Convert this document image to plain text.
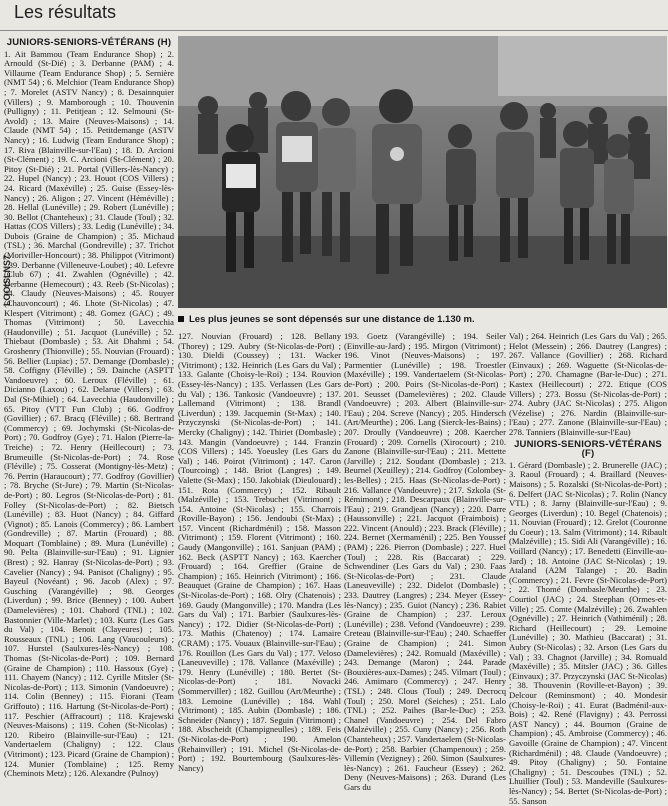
Les résultats
LOOISLNS7
JUNIORS-SENIORS-VÉTÉRANS (H)

1. Ait Bammou (Team Endurance Shop) ; 2. Arnould (St-Dié) ; 3. Derbanne (PAM) ; 4. Villaume (Team Endurance Shop) ; 5. Sernière (NMT 54) ; 6. Melchior (Team Endurance Shop) ; 7. Morelet (ASTV Nancy) ; 8. Desainnquier (Villers) ; 9. Mamborough ; 10. Thouvenin (Pulligny) ; 11. Petitjean ; 12. Selmouni (St-Avold) ; 13. Maire (Neuves-Maisons) ; 14. Claude (NMT 54) ; 15. Petitdemange (ASTV Nancy) ; 16. Ludwig (Team Endurance Shop) ; 17. Riva (Blainville-sur-l'Eau) ; 18. D. Arcioni (St-Clément) ; 19. C. Arcioni (St-Clément) ; 20. Pitoy (St-Dié) ; 21. Portal (Villers-lès-Nancy) ; 22. Hupel (Nancy) ; 23. Houot (COS Villers) ; 24. Ricard (Maxéville) ; 25. Guise (Essey-lès-Nancy) ; 26. Aligon ; 27. Vincent (Héméville) ; 28. Hellal (Lunéville) ; 29. Robert (Lunéville) ; 30. Bellot (Chanteheux) ; 31. Claude (Toul) ; 32. Hattas (COS Villers) ; 33. Ledig (Lunéville) ; 34. Dubois (Graine de Champion) ; 35. Michaud (TSL) ; 36. Marchal (Gondreville) ; 37. Trichot (Moriviller-Honcourt) ; 38. Philippot (Vitrimont) ; 39. Derbanne (Villeneuve-Loubet) ; 40. Lefevre (Club 67) ; 41. Zwahlen (Ognéville) ; 42. Derbanne (Hemecourt) ; 43. Reeb (St-Nicolas) ; 44. Claudy (Neuves-Maisons) ; 45. Rouyer (Chauvoncourt) ; 46. Lhote (St-Nicolas) ; 47. Klespert (Vitrimont) ; 48. Gomez (GAC) ; 49. Thomas (Vitrimont) ; 50. Lavecchia (Haudonville) ; 51. Jacquot (Lunéville) ; 52. Thiebaut (Dombasle) ; 53. Ait Dhahmi ; 54. Groshenry (Thionville) ; 55. Nouvian (Frouard) ; 56. Bellier (Lupiac) ; 57. Demange (Dombasle) ; 58. Coffigny (Fléville) ; 59. Dainche (ASPTT Vandoeuvre) ; 60. Leroux (Fléville) ; 61. Dicianno (Laxou) ; 62. Delarue (Villers) ; 63. Dal (St-Mihiel) ; 64. Lavecchia (Haudonville) ; 65. Pitoy (VTT Fun Club) ; 66. Godfroy (Govillier) ; 67. Bracq (Fléville) ; 68. Bertrand (Commercy) ; 69. Jochymski (St-Nicolas-de-Port) ; 70. Godfroy (Gye) ; 71. Halon (Pierre-la-Treiche) ; 72. Henry (Heillecourt) ; 73. Brumeuille (St-Nicolas-de-Port) ; 74. Rose (Fléville) ; 75. Cosserat (Montigny-lès-Metz) ; 76. Perrin (Haraucourt) ; 77. Godfroy (Govillier) ; 78. Bryche (St-Jure) ; 79. Martin (St-Nicolas-de-Port) ; 80. Legros (St-Nicolas-de-Port) ; 81. Folley (St-Nicolas-de-Port) ; 82. Bietsch (Lunéville) ; 83. Huot (Nancy) ; 84. Giffard (Vignot) ; 85. Lanois (Commercy) ; 86. Lambert (Gondreville) ; 87. Martin (Frouard) ; 88. Moquart (Tomblaine) ; 89. Mura (Lunéville) ; 90. Pelta (Blainville-sur-l'Eau) ; 91. Lignier (Brest) ; 92. Hanray (St-Nicolas-de-Port) ; 93. Cavelier (Nancy) ; 94. Panisot (Chaligny) ; 95. Bayeul (Novéant) ; 96. Jacob (Alex) ; 97. Gusching (Varangéville) ; 98. Georges (Liverdun) ; 99. Brice (Benney) ; 100. Aubert (Damelevières) ; 101. Chabord (TNL) ; 102. Bastonnier (Ville-Marlet) ; 103. Kurtz (Les Gars du Val) ; 104. Benoit (Clayeures) ; 105. Rousseaux (TNL) ; 106. Lang (Vaucouleurs) ; 107. Hurstel (Saulxures-lès-Nancy) ; 108. Thomas (St-Nicolas-de-Port) ; 109. Bernard (Graine de Champion) ; 110. Hassoux (Gye) ; 111. Chayem (Nancy) ; 112. Cyrille Mitsler (St-Nicolas-de-Port) ; 113. Simonin (Vandoeuvre) ; 114. Colin (Benney) ; 115. Fiorani (Team Griffouto) ; 116. Hartung (St-Nicolas-de-Port) ; 117. Peschier (Affracourt) ; 118. Krajewski (Neuves-Maisons) ; 119. Cohen (St-Nicolas) ; 120. Ribeiro (Blainville-sur-l'Eau) ; 121. Vandertaelem (Chaligny) ; 122. Claus (Vitrimont) ; 123. Picard (Graine de Champion) ; 124. Munier (Tomblaine) ; 125. Remy (Cheminots Metz) ; 126. Alexandre (Pulnoy)

Les plus jeunes se sont dépensés sur une distance de 1.130 m.

127. Nouvian (Frouard) ; 128. Bellany (Thorey) ; 129. Aubry (St-Nicolas-de-Port) ; 130. Dieldi (Coussey) ; 131. Wacker (Vitrimont) ; 132. Heinrich (Les Gars du Val) ; 133. Galante (Choisy-le-Roi) ; 134. Rouvion (Essey-lès-Nancy) ; 135. Verlassen (Les Gars du Val) ; 136. Tankosic (Vandoeuvre) ; 137. Lallemand (Vitrimont) ; 138. Brandl (Liverdun) ; 139. Jacquemin (St-Max) ; 140. Przyczynski (St-Nicolas-de-Port) ; 141. Mercky (Chaligny) ; 142. Thiriet (Dombasle) ; 143. Mangin (Vandoeuvre) ; 144. Franzin (COS Villers) ; 145. Yoeusley (Les Gars du Val) ; 146. Poirot (Vitrimont) ; 147. Caron (Tourcoing) ; 148. Briot (Langres) ; 149. Valette (St-Max) ; 150. Jakobiak (Dieulouard) ; 151. Rota (Commercy) ; 152. Ribault (Malzéville) ; 153. Trebuchet (Vitrimont) ; 154. Antoine (St-Nicolas) ; 155. Charrois (Roville-Bayon) ; 156. Jendoubi (St-Max) ; 157. Vincent (Richardménil) ; 158. Masson (Vitrimont) ; 159. Florent (Vitrimont) ; 160. Gaudy (Mangonville) ; 161. Sanjuan (PAM) ; 162. Beck (ASPTT Nancy) ; 163. Kaercher (Frouard) ; 164. Greffier (Graine de Champion) ; 165. Heinrich (Vitrimont) ; 166. Beauquet (Graine de Champion) ; 167. Haas (St-Nicolas-de-Port) ; 168. Olry (Chatenois) ; 169. Gaudy (Mangonville) ; 170. Mandra (Les Gars du Val) ; 171. Barbier (Saulxures-lès-Nancy) ; 172. Didier (St-Nicolas-de-Port) ; 173. Mathis (Chatenoy) ; 174. Lamaire (CRAM) ; 175. Vouaux (Blainville-sur-l'Eau) ; 176. Rouillon (Les Gars du Val) ; 177. Veloso (Laneuveville) ; 178. Vallance (Maxéville) ; 179. Henry (Lunéville) ; 180. Bertet (St-Nicolas-de-Port) ; 181. Novacki (Sommerviller) ; 182. Guillou (Art/Meurthe) ; 183. Lemoine (Lunéville) ; 184. Wahl (Vitrimont) ; 185. Aubin (Dombasle) ; 186. Schneider (Nancy) ; 187. Seguin (Vitrimont) ; 188. Abscheidt (Champigneulles) ; 189. Feis (St-Nicolas-de-Port) ; 190. Amelon (Rehainviller) ; 191. Michel (St-Nicolas-de-Port) ; 192. Bourtembourg (Saulxures-lès-Nancy)

193. Goetz (Varangéville) ; 194. Seiler (Einville-au-Jard) ; 195. Mirgon (Vitrimont) ; 196. Vinot (Neuves-Maisons) ; 197. Parmentier (Lunéville) ; 198. Troestler (Maxéville) ; 199. Vandertaelem (St-Nicolas-de-Port) ; 200. Poirs (St-Nicolas-de-Port) ; 201. Seusset (Damelevières) ; 202. Claude (Vandoeuvre) ; 203. Albert (Blainville-sur-l'Eau) ; 204. Screve (Nancy) ; 205. Hindersch (Art/Meurthe) ; 206. Lang (Sierck-les-Bains) ; 207. Droully (Vandoeuvre) ; 208. Kaercher (Frouard) ; 209. Cornells (Xirocourt) ; 210. Zanone (Blainville-sur-l'Eau) ; 211. Mettette (Jarville) ; 212. Soudant (Dombasle) ; 213. Beurnel (Xeuilley) ; 214. Godfroy (Colombey-les-Belles) ; 215. Haas (St-Nicolas-de-Port) ; 216. Vallance (Vandoeuvre) ; 217. Szkola (St-Rémimont) ; 218. Descarpaux (Blainville-sur-l'Eau) ; 219. Grandjean (Nancy) ; 220. Darre (Haussonville) ; 221. Jacquot (Fraimbois) ; 222. Vincent (Anould) ; 223. Brack (Fléville) ; 224. Bernet (Xermaménil) ; 225. Ben Youssef (PAM) ; 226. Pierron (Dombasle) ; 227. Huel (Toul) ; 228. Ris (Baccarat) ; 229. Schwendiner (Les Gars du Val) ; 230. Faas (St-Nicolas-de-Port) ; 231. Claude (Laneuveville) ; 232. Didelot (Dombasle) ; 233. Dautrey (Langres) ; 234. Meyer (Essey-lès-Nancy) ; 235. Guiot (Nancy) ; 236. Rabiet (Graine de Champion) ; 237. Leroux (Lunéville) ; 238. Vefond (Vandoeuvre) ; 239. Creteau (Blainville-sur-l'Eau) ; 240. Schaeffer (Graine de Champion) ; 241. Simon (Damelevières) ; 242. Romuald (Maxéville) ; 243. Demange (Maron) ; 244. Parade (Bouxières-aux-Dames) ; 245. Vilmart (Toul) ; 246. Amimaro (Commercy) ; 247. Henry (TSL) ; 248. Clous (Toul) ; 249. Decrocq (Toul) ; 250. Morel (Seiches) ; 251. Lalo (TNL) ; 252. Paihes (Bar-le-Duc) ; 253. Chanel (Vandoeuvre) ; 254. Del Fabro (Malzéville) ; 255. Cuny (Nancy) ; 256. Roth (Chanteheux) ; 257. Vandertaelem (St-Nicolas-de-Port) ; 258. Barbier (Champenoux) ; 259. Villemin (Vezigney) ; 260. Simon (Saulxures-lès-Nancy) ; 261. Faucheur (Essey) ; 262. Deny (Neuves-Maisons) ; 263. Durand (Les Gars du

Val) ; 264. Heinrich (Les Gars du Val) ; 265. Helot (Messein) ; 266. Dautrey (Langres) ; 267. Vallance (Govillier) ; 268. Richard (Einvaux) ; 269. Waguette (St-Nicolas-de-Port) ; 270. Chamagne (Bar-le-Duc) ; 271. Kastex (Heillecourt) ; 272. Etique (COS Villers) ; 273. Bossu (St-Nicolas-de-Port) ; 274. Aubry (JAC St-Nicolas) ; 275. Aligon (Vézelise) ; 276. Nardin (Blainville-sur-l'Eau) ; 277. Zanone (Blainville-sur-l'Eau) ; 278. Tanniers (Blainville-sur-l'Eau)

JUNIORS-SENIORS-VÉTÉRANS (F)

1. Gérard (Dombasle) ; 2. Brunerelle (JAC) ; 3. Raoul (Frouard) ; 4. Braillard (Neuves-Maisons) ; 5. Rozalski (St-Nicolas-de-Port) ; 6. Delfert (JAC St-Nicolas) ; 7. Rolin (Nancy VTL) ; 8. Jarny (Blainville-sur-l'Eau) ; 9. Georges (Liverdun) ; 10. Begel (Chatenois) ; 11. Nouvian (Frouard) ; 12. Grelot (Couronne du Coeur) ; 13. Salm (Vitrimont) ; 14. Ribault (Malzéville) ; 15. Sidi Ali (Varangéville) ; 16. Voillard (Nancy) ; 17. Benedetti (Einville-au-Jard) ; 18. Antoine (JAC St-Nicolas) ; 19. Ataland (A2M Talange) ; 20. Badin (Commercy) ; 21. Fevre (St-Nicolas-de-Port) ; 22. Thomé (Dombasle/Meurthe) ; 23. Courtiol (JAC) ; 24. Steephan (Ormes-et-Ville) ; 25. Comte (Malzéville) ; 26. Zwahlen (Ognéville) ; 27. Heinrich (Vathiménil) ; 28. Richard (Heillecourt) ; 29. Lemoine (Lunéville) ; 30. Mathieu (Baccarat) ; 31. Aubry (St-Nicolas) ; 32. Arson (Les Gars du Val) ; 33. Chagnot (Jarville) ; 34. Romuald (Maxéville) ; 35. Mitsler (JAC) ; 36. Gilles (Einvaux) ; 37. Przyczynski (JAC St-Nicolas) ; 38. Thouvenin (Roville-et-Bayon) ; 39. Delcour (Reminsmont) ; 40. Mondesir (Choisy-le-Roi) ; 41. Eurat (Badménil-aux-Bois) ; 42. René (Flavigny) ; 43. Perrossi (AST Nancy) ; 44. Bournon (Graine de Champion) ; 45. Ambroise (Commercy) ; 46. Gavoille (Graine de Champion) ; 47. Vincent (Richardménil) ; 48. Claude (Vandoeuvre) ; 49. Pitoy (Chaligny) ; 50. Fontaine (Chaligny) ; 51. Descoubes (TNL) ; 52. Lhuillier (Toul) ; 53. Mandeville (Saulxures-lès-Nancy) ; 54. Bertet (St-Nicolas-de-Port) ; 55. Sanson
